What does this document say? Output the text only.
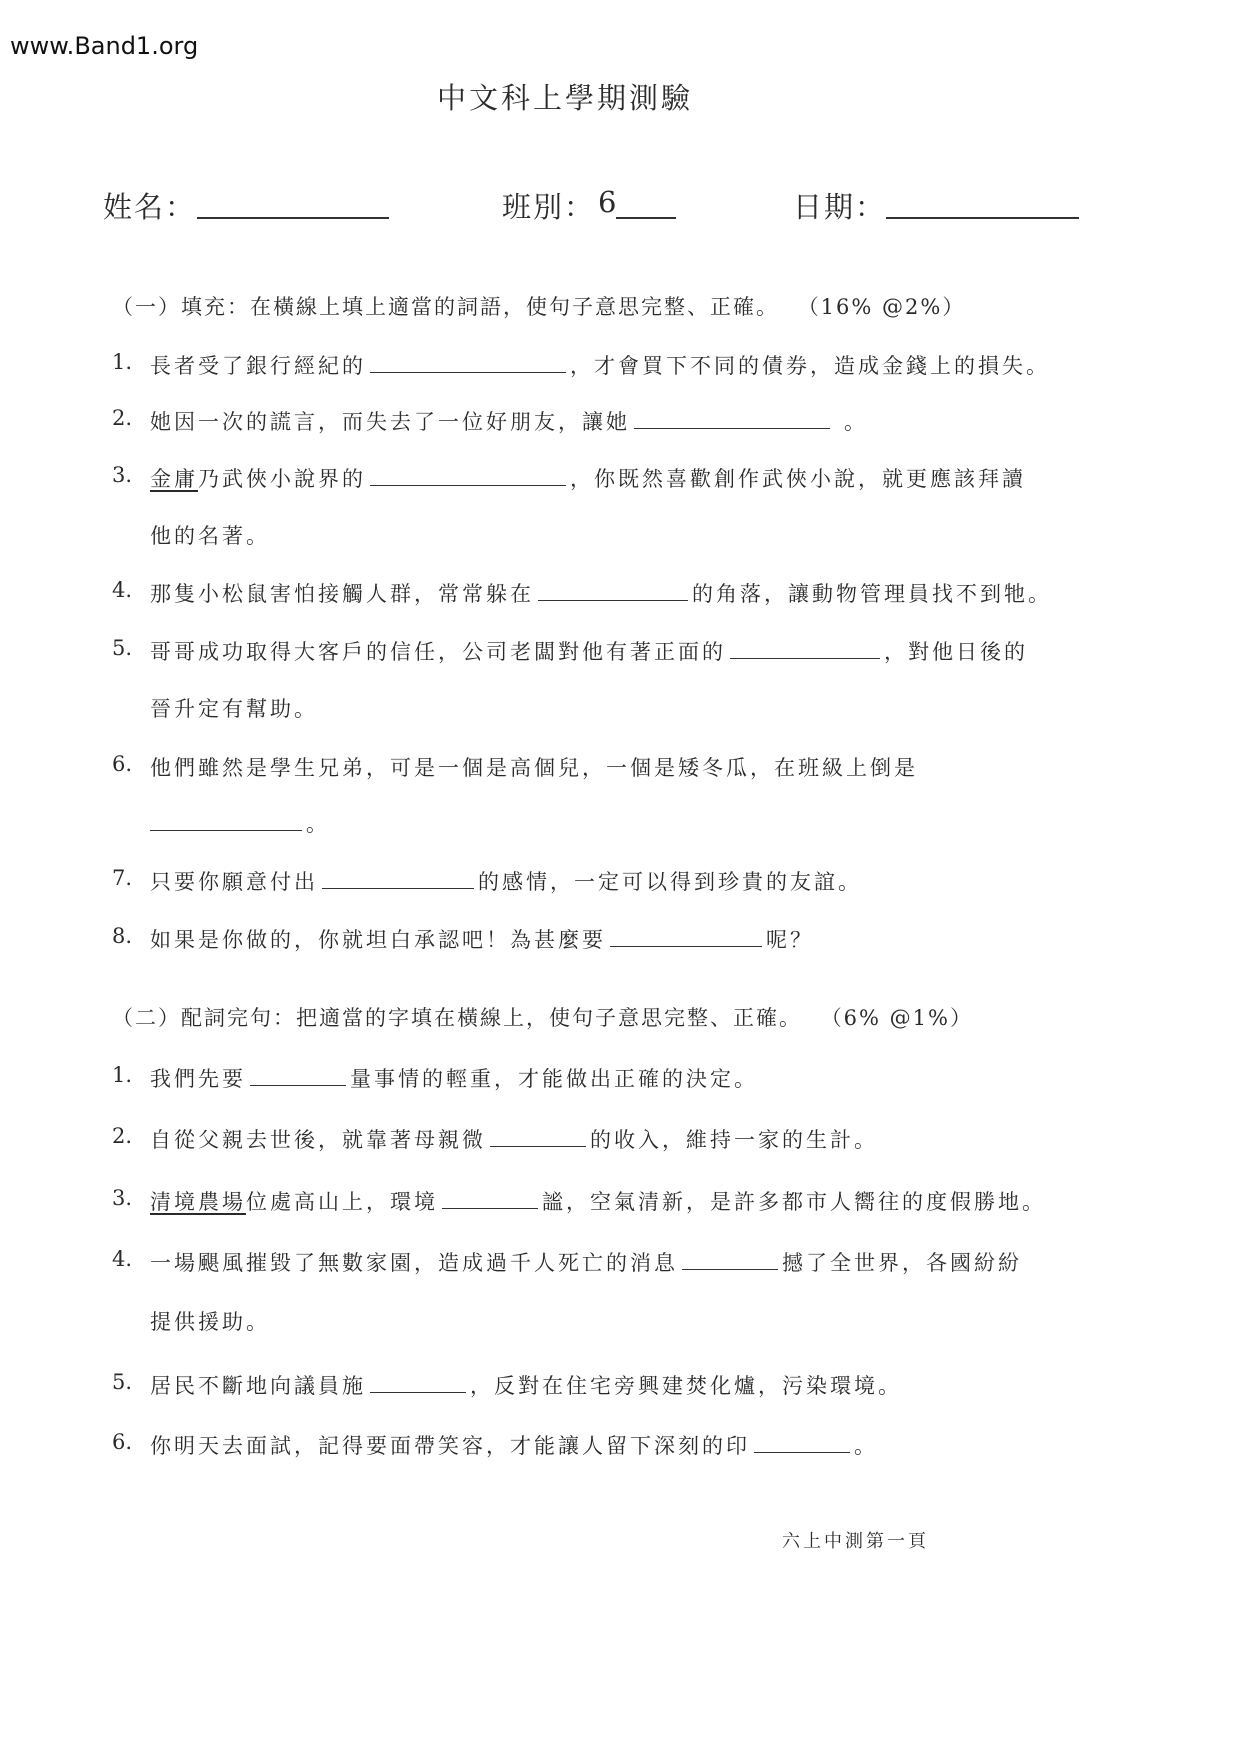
www.Band1.org
中文科上學期測驗
姓名：	班別： 6	日期：
（一）填充：在橫線上填上適當的詞語，使句子意思完整、正確。 （16% @2%）
1. 長者受了銀行經紀的	，才會買下不同的債券，造成金錢上的損失。
2. 她因一次的謊言，而失去了一位好朋友，讓她	。
3. 金庸乃武俠小說界的	，你既然喜歡創作武俠小說，就更應該拜讀
他的名著。
4. 那隻小松鼠害怕接觸人群，常常躲在	的角落，讓動物管理員找不到牠。
5. 哥哥成功取得大客戶的信任，公司老闆對他有著正面的	，對他日後的
晉升定有幫助。
6. 他們雖然是學生兄弟，可是一個是高個兒，一個是矮冬瓜，在班級上倒是
。
7. 只要你願意付出	的感情，一定可以得到珍貴的友誼。
8. 如果是你做的，你就坦白承認吧！為甚麼要	呢？
（二）配詞完句：把適當的字填在橫線上，使句子意思完整、正確。 （6% @1%）
1. 我們先要	量事情的輕重，才能做出正確的決定。
2. 自從父親去世後，就靠著母親微	的收入，維持一家的生計。
3. 清境農場位處高山上，環境	謐，空氣清新，是許多都市人嚮往的度假勝地。
4. 一場颶風摧毀了無數家園，造成過千人死亡的消息	撼了全世界，各國紛紛
提供援助。
5. 居民不斷地向議員施	，反對在住宅旁興建焚化爐，污染環境。
6. 你明天去面試，記得要面帶笑容，才能讓人留下深刻的印	。
六上中測第一頁
